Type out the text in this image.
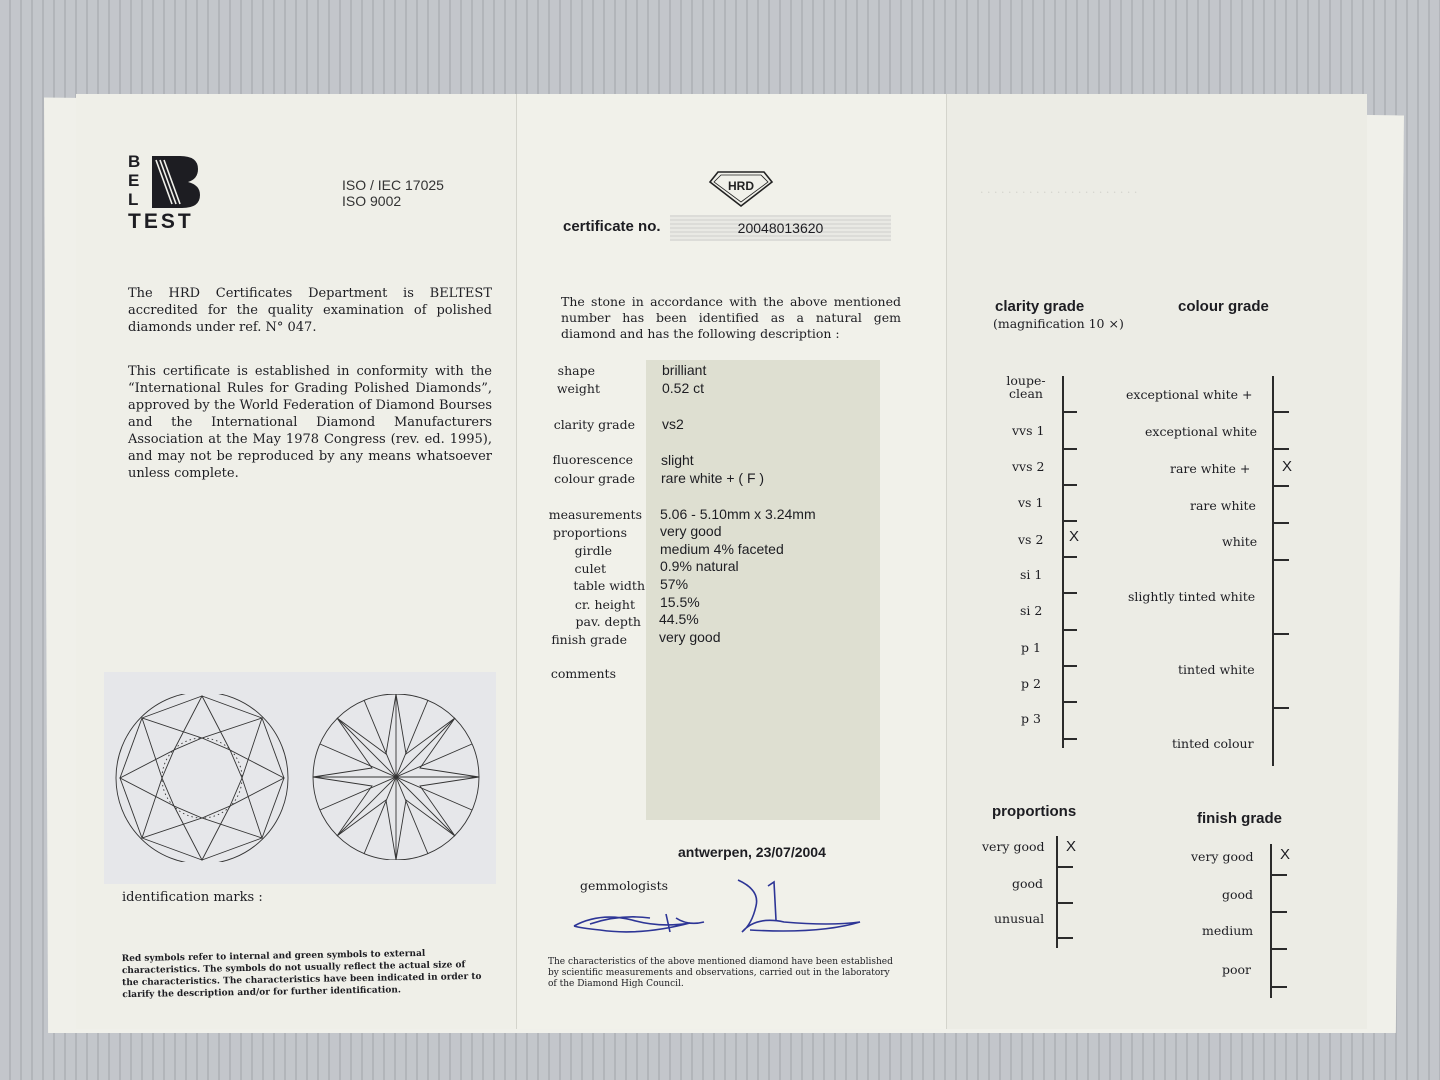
B
E
L
TEST
ISO / IEC 17025
ISO 9002
The HRD Certificates Department is BELTEST accredited for the quality examination of polished diamonds under ref. N° 047.
This certificate is established in conformity with the “International Rules for Grading Polished Diamonds”, approved by the World Federation of Diamond Bourses and the International Diamond Manufacturers Association at the May 1978 Congress (rev. ed. 1995), and may not be reproduced by any means whatsoever unless complete.
identification marks :
Red symbols refer to internal and green symbols to external characteristics. The symbols do not usually reflect the actual size of the characteristics. The characteristics have been indicated in order to clarify the description and/or for further identification.
HRD
certificate no.	20048013620
The stone in accordance with the above mentioned number has been identified as a natural gem diamond and has the following description :
shape
weight
clarity grade
fluorescence
colour grade
measurements
proportions
girdle
culet
table width
cr. height
pav. depth
finish grade
comments
brilliant
0.52 ct
vs2
slight
rare white + ( F )
5.06 - 5.10mm x 3.24mm
very good
medium 4% faceted
0.9% natural
57%
15.5%
44.5%
very good
antwerpen, 23/07/2004
gemmologists
The characteristics of the above mentioned diamond have been established by scientific measurements and observations, carried out in the laboratory of the Diamond High Council.
· · · · · · · · · · · · · · · · · · · · · · ·
clarity grade
(magnification 10 ×)
colour grade
loupe-clean
vvs 1
vvs 2
vs 1
vs 2
si 1
si 2
p 1
p 2
p 3
X
exceptional white +
exceptional white
rare white +
rare white
white
slightly tinted white
tinted white
tinted colour
X
proportions
very good
good
unusual
X
finish grade
very good
good
medium
poor
X
